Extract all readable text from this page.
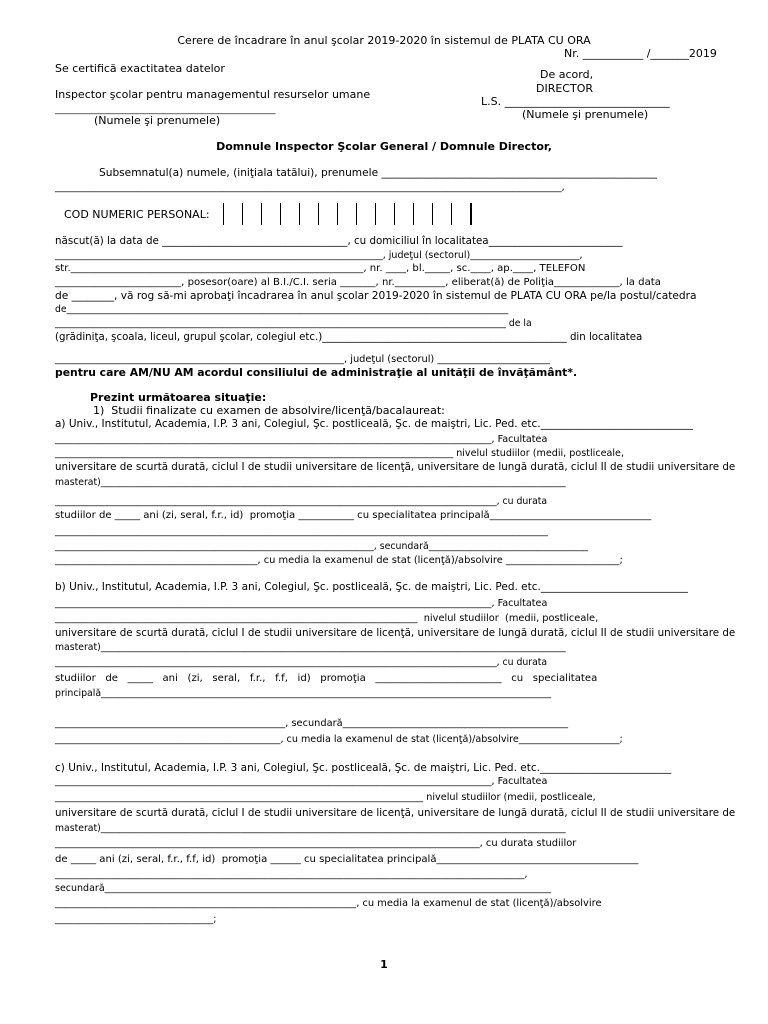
Cerere de încadrare în anul şcolar 2019-2020 în sistemul de PLATA CU ORA
Nr. ___________ /_______2019
Se certifică exactitatea datelor	De acord,
DIRECTOR
Inspector şcolar pentru managementul resurselor umane
L.S. ______________________________
_________________________________________________
(Numele şi prenumele)	(Numele şi prenumele)
Domnule Inspector Şcolar General / Domnule Director,
Subsemnatul(a) numele, (iniţiala tatălui), prenumele ____________________________________________________
_____________________________________________________________________________________________________________,
COD NUMERIC PERSONAL:
născut(ă) la data de ____________________________________, cu domiciliul în localitatea__________________________
_____________________________________________________________________, judeţul (sectorul)_______________________,
str.__________________________________________________________, nr. ____, bl._____, sc.____, ap.____, TELEFON
_________________________, posesor(oare) al B.I./C.I. seria _______, nr.__________, eliberat(ă) de Poliţia_____________, la data
de ________, vă rog să-mi aprobaţi încadrarea în anul şcolar 2019-2020 în sistemul de PLATA CU ORA pe/la postul/catedra
de_______________________________________________________________________________________________
_________________________________________________________________________________________________ de la
(grădiniţa, şcoala, liceul, grupul şcolar, colegiul etc.)________________________________________________ din localitatea
___________________________________________________________, judeţul (sectorul) _______________________
pentru care AM/NU AM acordul consiliului de administraţie al unităţii de învăţământ*.
Prezint următoarea situaţie:
1)  Studii finalizate cu examen de absolvire/licenţă/bacalaureat:
a) Univ., Institutul, Academia, I.P. 3 ani, Colegiul, Şc. postliceală, Şc. de maiştri, Lic. Ped. etc._____________________________
___________________________________________________________________________________________, Facultatea
___________________________________________________________________________________ nivelul studiilor (medii, postliceale,
universitare de scurtă durată, ciclul I de studii universitare de licenţă, universitare de lungă durată, ciclul II de studii universitare de
masterat)____________________________________________________________________________________________________
_______________________________________________________________________________________________, cu durata
studiilor de _____ ani (zi, seral, f.r., id)  promoţia ___________ cu specialitatea principală________________________________
__________________________________________________________________________________________________________
____________________________________________________________________, secundară__________________________________
_________________________________________, cu media la examenul de stat (licenţă)/absolvire _______________________;
b) Univ., Institutul, Academia, I.P. 3 ani, Colegiul, Şc. postliceală, Şc. de maiştri, Lic. Ped. etc.____________________________
___________________________________________________________________________________________, Facultatea
__________________________________________________________________________  nivelul studiilor  (medii, postliceale,
universitare de scurtă durată, ciclul I de studii universitare de licenţă, universitare de lungă durată, ciclul II de studii universitare de
masterat)____________________________________________________________________________________________________
_______________________________________________________________________________________________, cu durata
studiilor   de   _____   ani   (zi,   seral,   f.r.,   f.f,   id)   promoţia   _________________________   cu   specialitatea
principală________________________________________________________________________________________________
_______________________________________________, secundară______________________________________________
_______________________________________________, cu media la examenul de stat (licenţă)/absolvire_____________________;
c) Univ., Institutul, Academia, I.P. 3 ani, Colegiul, Şc. postliceală, Şc. de maiştri, Lic. Ped. etc._________________________
___________________________________________________________________________________________, Facultatea
____________________________________________________________________________ nivelul studiilor (medii, postliceale,
universitare de scurtă durată, ciclul I de studii universitare de licenţă, universitare de lungă durată, ciclul II de studii universitare de
masterat)____________________________________________________________________________________________________
______________________________________________________________________________________, cu durata studiilor
de _____ ani (zi, seral, f.r., f.f, id)  promoţia ______ cu specialitatea principală________________________________________
_____________________________________________________________________________________________________,
secundară______________________________________________________________________________________________
_____________________________________________________________, cu media la examenul de stat (licenţă)/absolvire
_________________________________;
1
